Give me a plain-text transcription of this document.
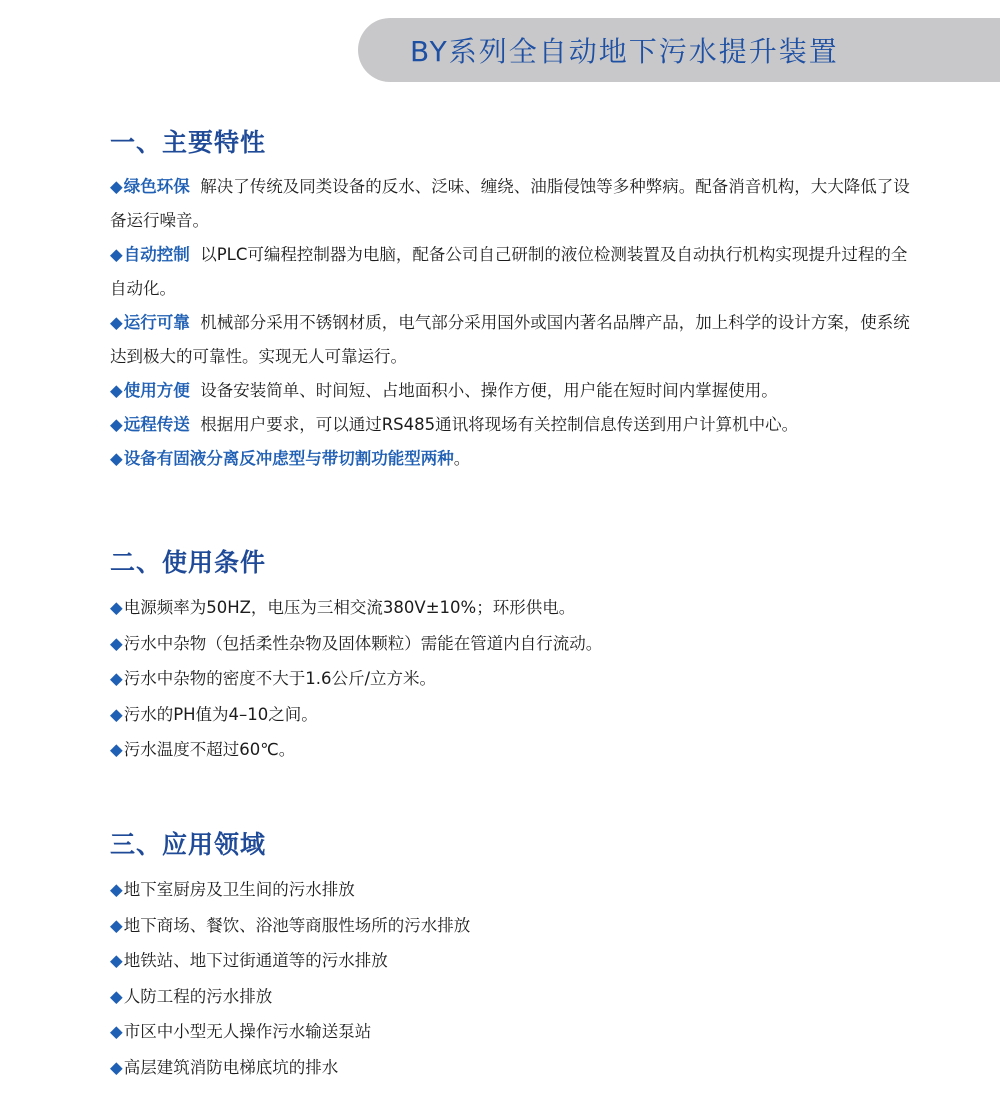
BY系列全自动地下污水提升装置
一、主要特性
◆绿色环保 解决了传统及同类设备的反水、泛味、缠绕、油脂侵蚀等多种弊病。配备消音机构，大大降低了设备运行噪音。
◆自动控制 以PLC可编程控制器为电脑，配备公司自己研制的液位检测装置及自动执行机构实现提升过程的全自动化。
◆运行可靠 机械部分采用不锈钢材质，电气部分采用国外或国内著名品牌产品，加上科学的设计方案，使系统达到极大的可靠性。实现无人可靠运行。
◆使用方便 设备安装简单、时间短、占地面积小、操作方便，用户能在短时间内掌握使用。
◆远程传送 根据用户要求，可以通过RS485通讯将现场有关控制信息传送到用户计算机中心。
◆设备有固液分离反冲虑型与带切割功能型两种。
二、使用条件
◆电源频率为50HZ，电压为三相交流380V±10%；环形供电。
◆污水中杂物（包括柔性杂物及固体颗粒）需能在管道内自行流动。
◆污水中杂物的密度不大于1.6公斤/立方米。
◆污水的PH值为4–10之间。
◆污水温度不超过60℃。
三、应用领域
◆地下室厨房及卫生间的污水排放
◆地下商场、餐饮、浴池等商服性场所的污水排放
◆地铁站、地下过街通道等的污水排放
◆人防工程的污水排放
◆市区中小型无人操作污水输送泵站
◆高层建筑消防电梯底坑的排水
